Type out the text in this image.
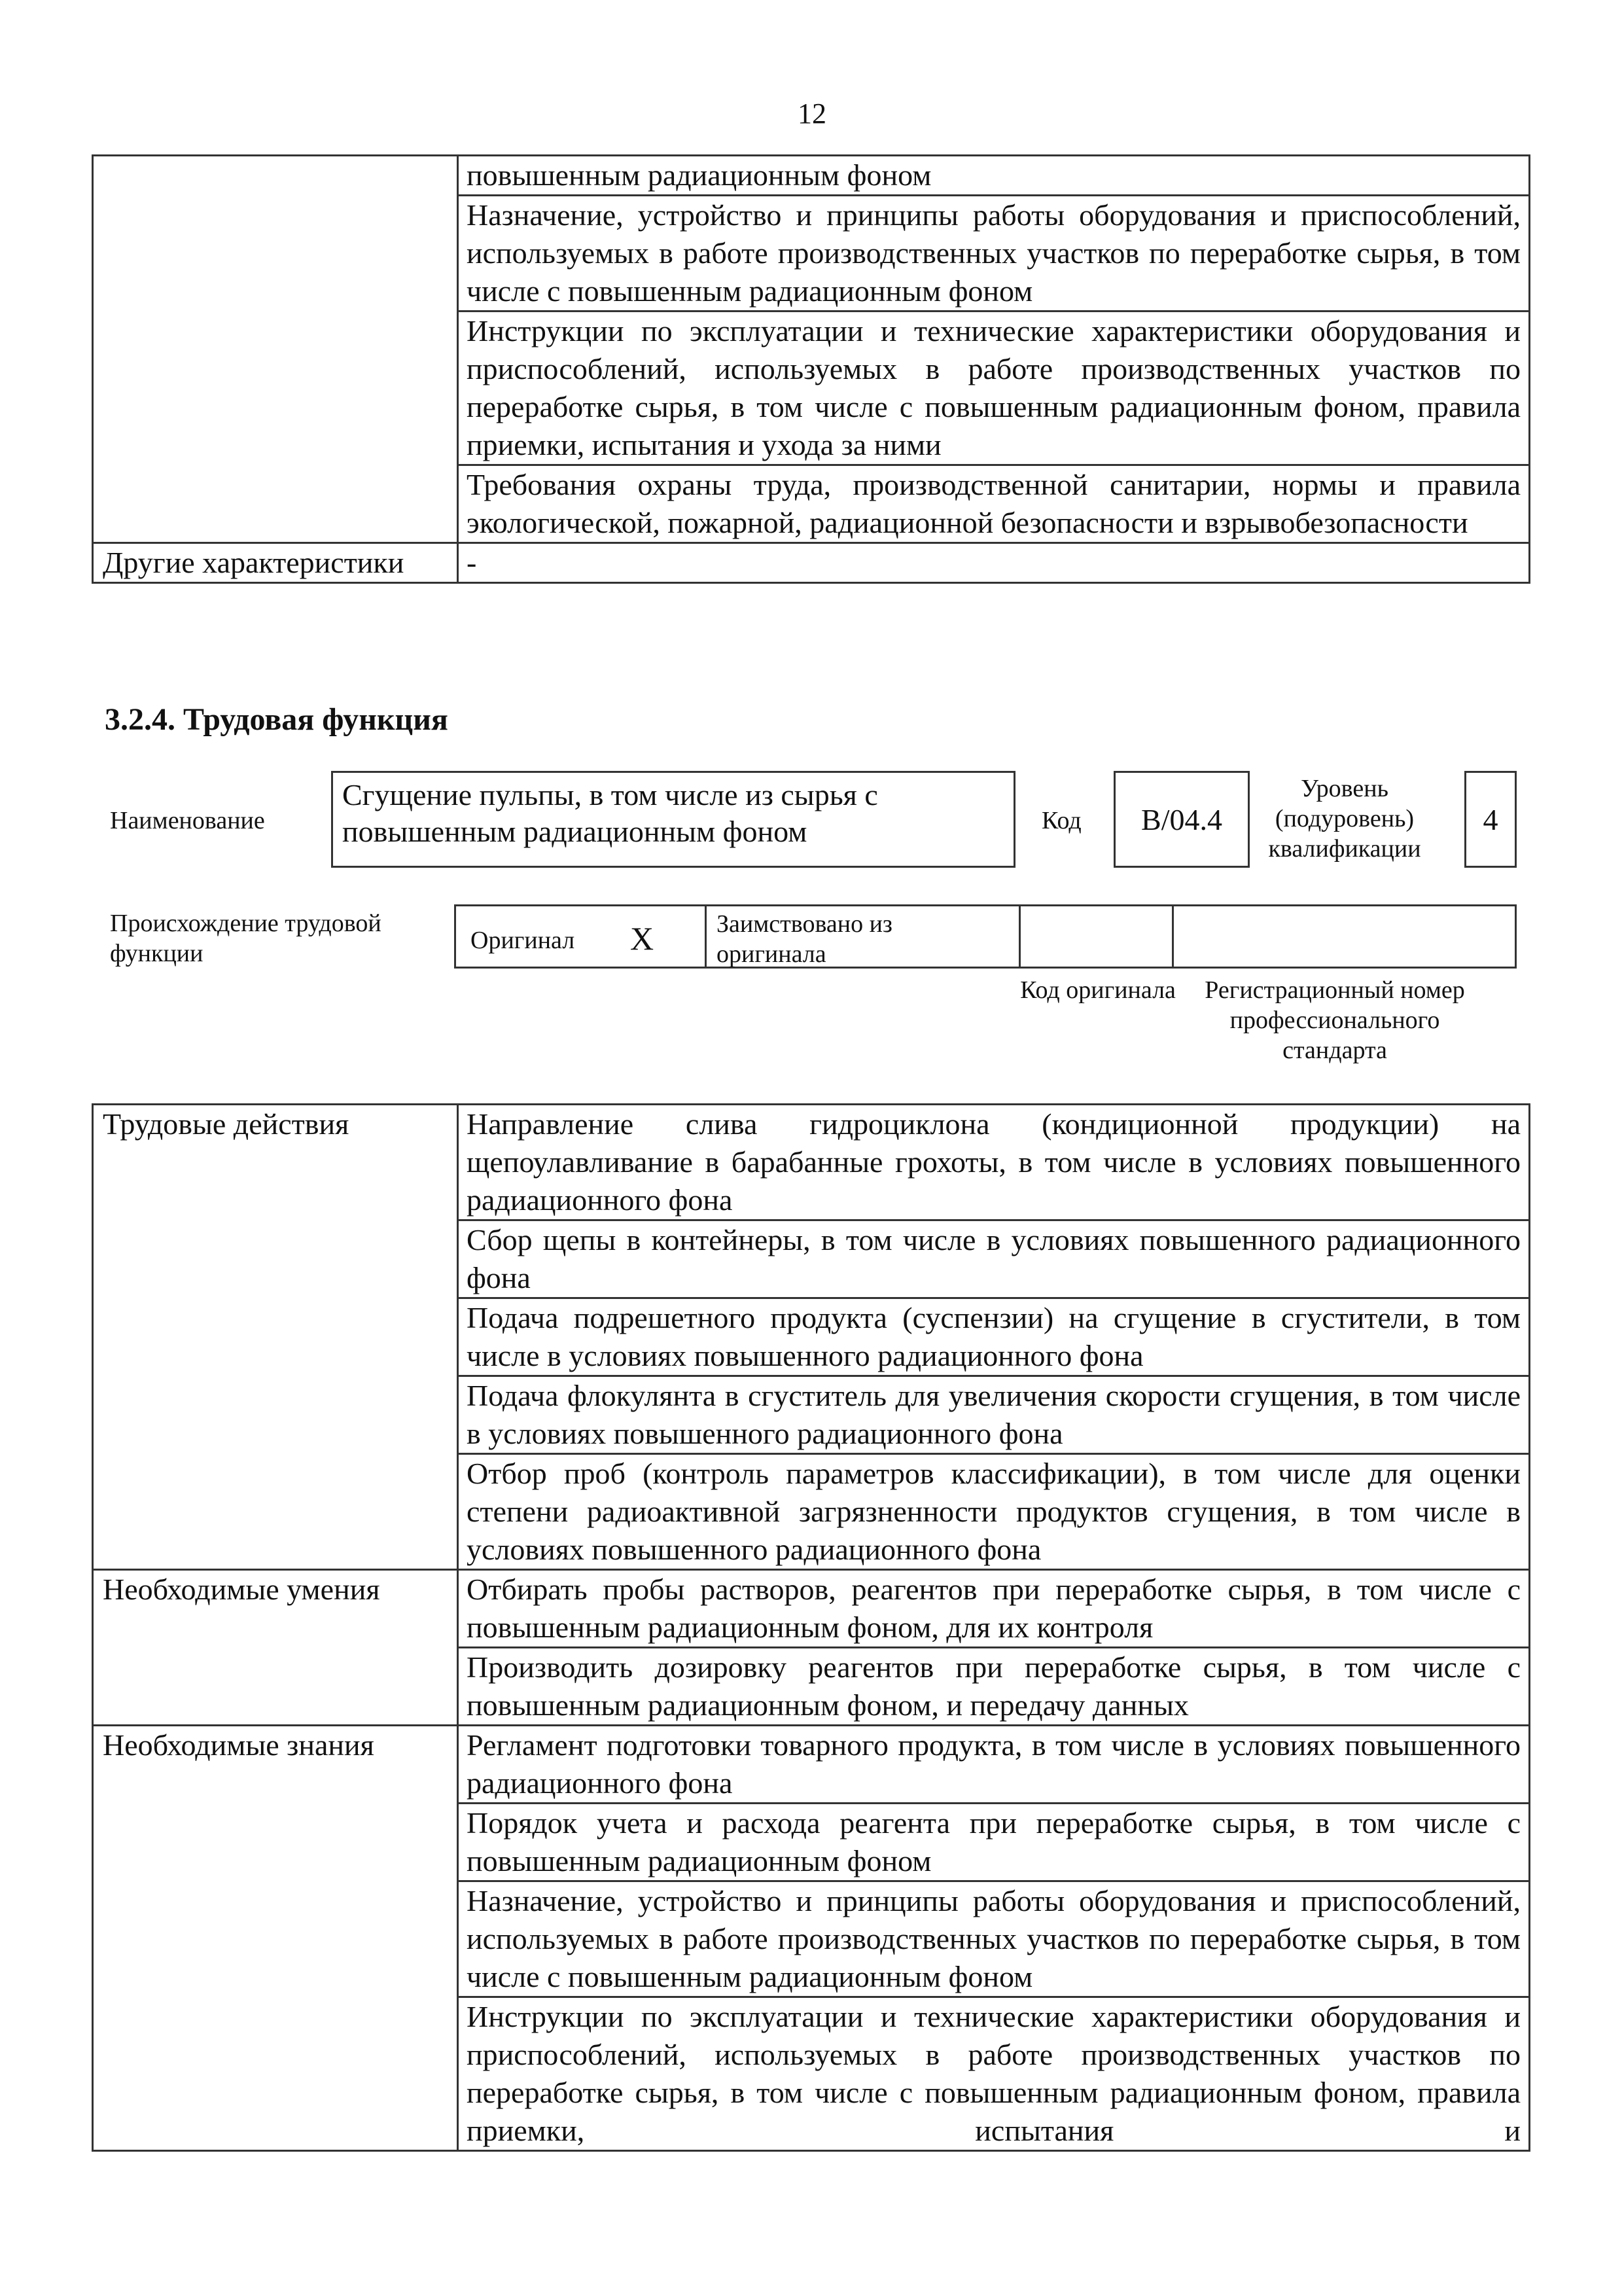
12
	повышенным радиационным фоном
	Назначение, устройство и принципы работы оборудования и приспособлений, используемых в работе производственных участков по переработке сырья, в том числе с повышенным радиационным фоном
	Инструкции по эксплуатации и технические характеристики оборудования и приспособлений, используемых в работе производственных участков по переработке сырья, в том числе с повышенным радиационным фоном, правила приемки, испытания и ухода за ними
	Требования охраны труда, производственной санитарии, нормы и правила экологической, пожарной, радиационной безопасности и взрывобезопасности
Другие характеристики	-
3.2.4. Трудовая функция
Наименование
Сгущение пульпы, в том числе из сырья с повышенным радиационным фоном	Код В/04.4
Уровень (подуровень) квалификации
4
Происхождение трудовой функции	Оригинал X	Заимствовано из оригинала
Код оригинала	Регистрационный номер профессионального стандарта
Трудовые действия	Направление слива гидроциклона (кондиционной продукции) на щепоулавливание в барабанные грохоты, в том числе в условиях повышенного радиационного фона
	Сбор щепы в контейнеры, в том числе в условиях повышенного радиационного фона
	Подача подрешетного продукта (суспензии) на сгущение в сгустители, в том числе в условиях повышенного радиационного фона
	Подача флокулянта в сгуститель для увеличения скорости сгущения, в том числе в условиях повышенного радиационного фона
	Отбор проб (контроль параметров классификации), в том числе для оценки степени радиоактивной загрязненности продуктов сгущения, в том числе в условиях повышенного радиационного фона
Необходимые умения	Отбирать пробы растворов, реагентов при переработке сырья, в том числе с повышенным радиационным фоном, для их контроля
	Производить дозировку реагентов при переработке сырья, в том числе с повышенным радиационным фоном, и передачу данных
Необходимые знания	Регламент подготовки товарного продукта, в том числе в условиях повышенного радиационного фона
	Порядок учета и расхода реагента при переработке сырья, в том числе с повышенным радиационным фоном
	Назначение, устройство и принципы работы оборудования и приспособлений, используемых в работе производственных участков по переработке сырья, в том числе с повышенным радиационным фоном
	Инструкции по эксплуатации и технические характеристики оборудования и приспособлений, используемых в работе производственных участков по переработке сырья, в том числе с повышенным радиационным фоном, правила приемки, испытания и
